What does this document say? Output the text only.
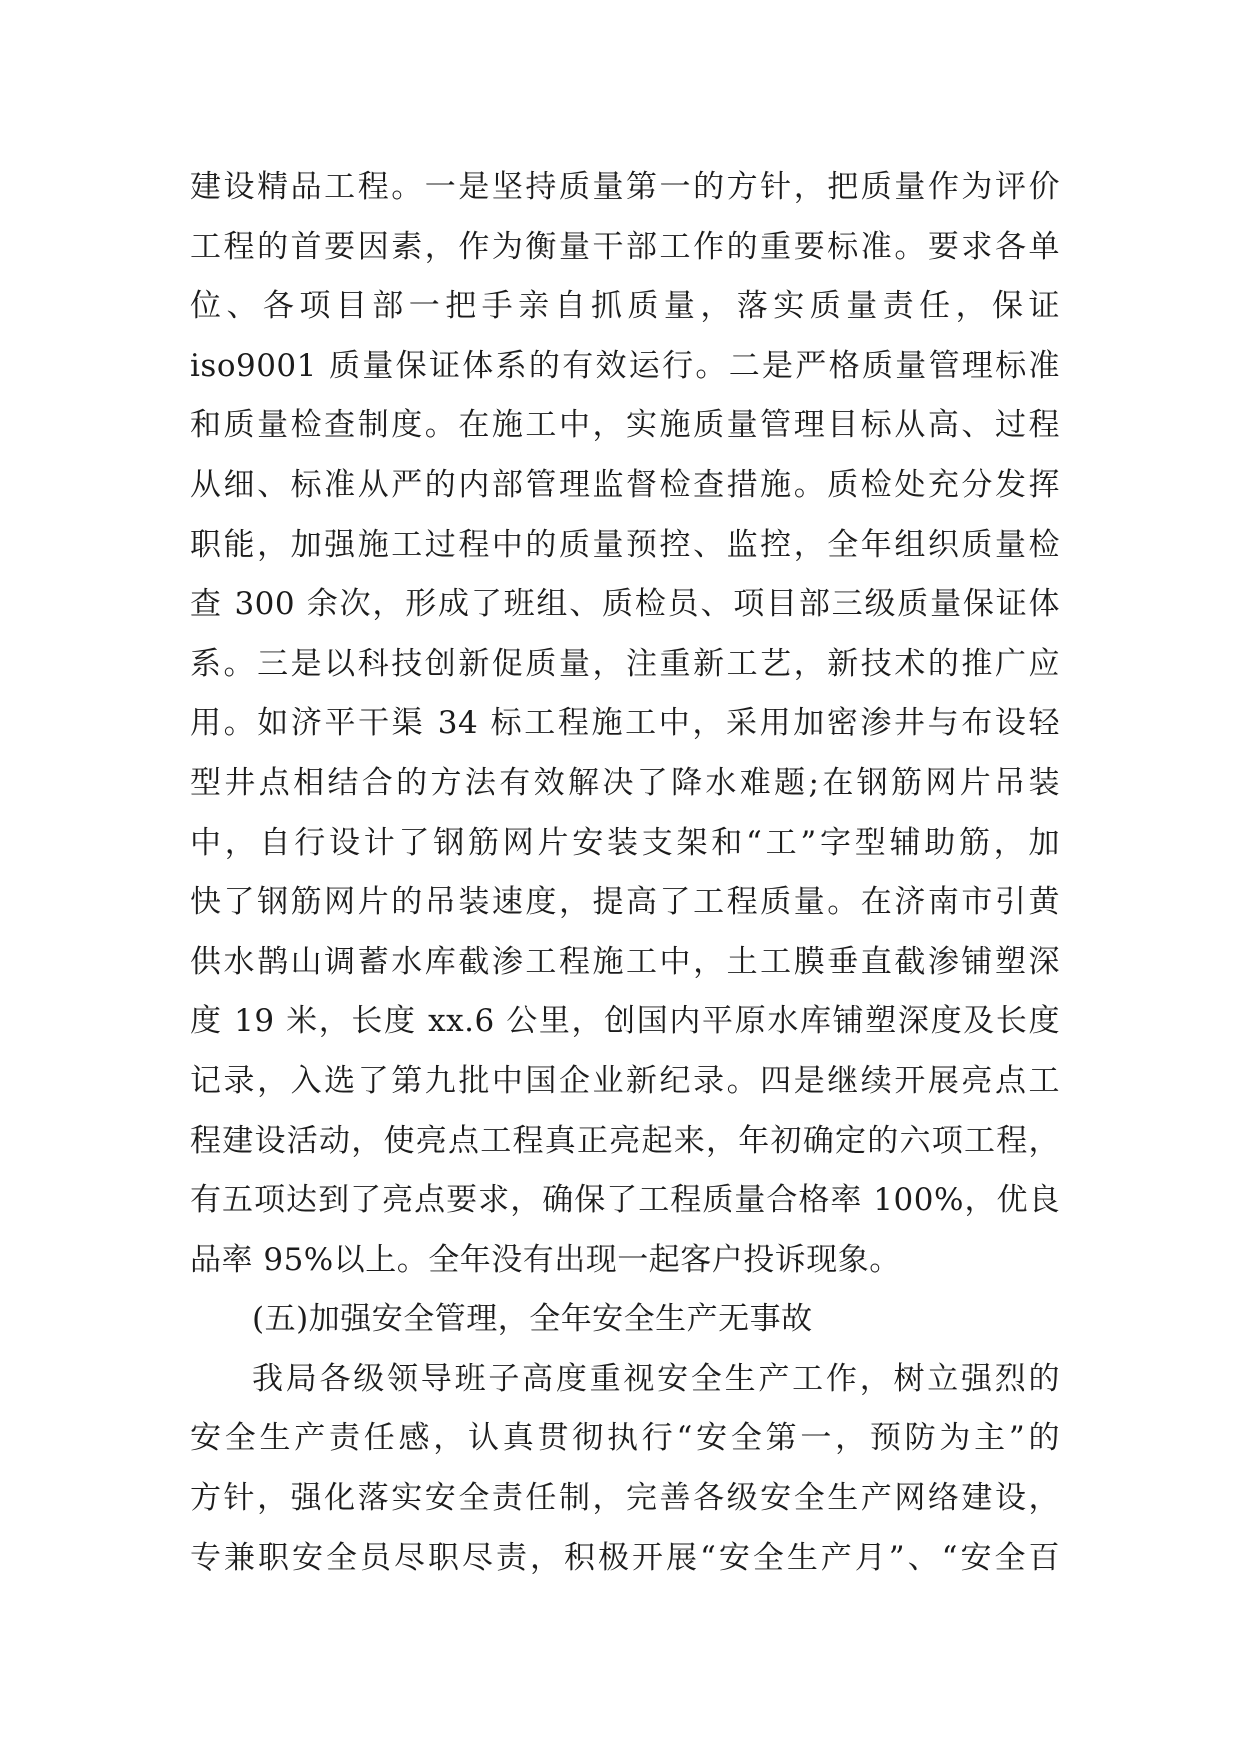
建设精品工程。一是坚持质量第一的方针，把质量作为评价
工程的首要因素，作为衡量干部工作的重要标准。要求各单
位、各项目部一把手亲自抓质量，落实质量责任，保证
iso9001 质量保证体系的有效运行。二是严格质量管理标准
和质量检查制度。在施工中，实施质量管理目标从高、过程
从细、标准从严的内部管理监督检查措施。质检处充分发挥
职能，加强施工过程中的质量预控、监控，全年组织质量检
查 300 余次，形成了班组、质检员、项目部三级质量保证体
系。三是以科技创新促质量，注重新工艺，新技术的推广应
用。如济平干渠 34 标工程施工中，采用加密渗井与布设轻
型井点相结合的方法有效解决了降水难题;在钢筋网片吊装
中，自行设计了钢筋网片安装支架和“工”字型辅助筋，加
快了钢筋网片的吊装速度，提高了工程质量。在济南市引黄
供水鹊山调蓄水库截渗工程施工中，土工膜垂直截渗铺塑深
度 19 米，长度 xx.6 公里，创国内平原水库铺塑深度及长度
记录，入选了第九批中国企业新纪录。四是继续开展亮点工
程建设活动，使亮点工程真正亮起来，年初确定的六项工程，
有五项达到了亮点要求，确保了工程质量合格率 100%，优良
品率 95%以上。全年没有出现一起客户投诉现象。
(五)加强安全管理，全年安全生产无事故
我局各级领导班子高度重视安全生产工作，树立强烈的
安全生产责任感，认真贯彻执行“安全第一，预防为主”的
方针，强化落实安全责任制，完善各级安全生产网络建设，
专兼职安全员尽职尽责，积极开展“安全生产月”、“安全百
